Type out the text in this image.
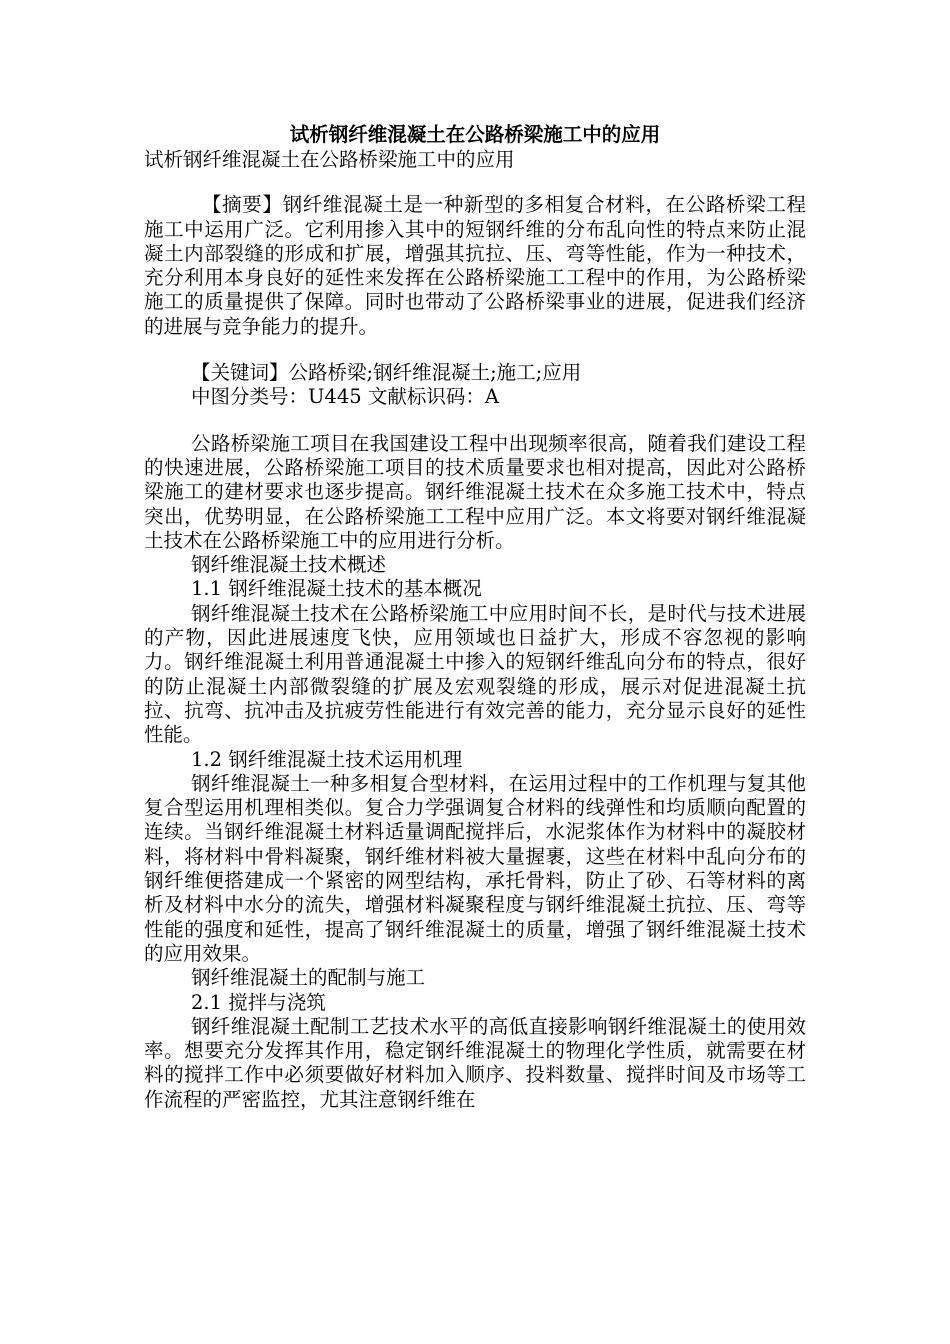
试析钢纤维混凝土在公路桥梁施工中的应用

试析钢纤维混凝土在公路桥梁施工中的应用

【摘要】钢纤维混凝土是一种新型的多相复合材料，在公路桥梁工程施工中运用广泛。它利用掺入其中的短钢纤维的分布乱向性的特点来防止混凝土内部裂缝的形成和扩展，增强其抗拉、压、弯等性能，作为一种技术，充分利用本身良好的延性来发挥在公路桥梁施工工程中的作用，为公路桥梁施工的质量提供了保障。同时也带动了公路桥梁事业的进展，促进我们经济的进展与竞争能力的提升。

【关键词】公路桥梁;钢纤维混凝土;施工;应用

中图分类号：U445 文献标识码：A

公路桥梁施工项目在我国建设工程中出现频率很高，随着我们建设工程的快速进展，公路桥梁施工项目的技术质量要求也相对提高，因此对公路桥梁施工的建材要求也逐步提高。钢纤维混凝土技术在众多施工技术中，特点突出，优势明显，在公路桥梁施工工程中应用广泛。本文将要对钢纤维混凝土技术在公路桥梁施工中的应用进行分析。

钢纤维混凝土技术概述

1.1 钢纤维混凝土技术的基本概况

钢纤维混凝土技术在公路桥梁施工中应用时间不长，是时代与技术进展的产物，因此进展速度飞快，应用领域也日益扩大，形成不容忽视的影响力。钢纤维混凝土利用普通混凝土中掺入的短钢纤维乱向分布的特点，很好的防止混凝土内部微裂缝的扩展及宏观裂缝的形成，展示对促进混凝土抗拉、抗弯、抗冲击及抗疲劳性能进行有效完善的能力，充分显示良好的延性性能。

1.2 钢纤维混凝土技术运用机理

钢纤维混凝土一种多相复合型材料，在运用过程中的工作机理与复其他复合型运用机理相类似。复合力学强调复合材料的线弹性和均质顺向配置的连续。当钢纤维混凝土材料适量调配搅拌后，水泥浆体作为材料中的凝胶材料，将材料中骨料凝聚，钢纤维材料被大量握裹，这些在材料中乱向分布的钢纤维便搭建成一个紧密的网型结构，承托骨料，防止了砂、石等材料的离析及材料中水分的流失，增强材料凝聚程度与钢纤维混凝土抗拉、压、弯等性能的强度和延性，提高了钢纤维混凝土的质量，增强了钢纤维混凝土技术的应用效果。

钢纤维混凝土的配制与施工

2.1 搅拌与浇筑

钢纤维混凝土配制工艺技术水平的高低直接影响钢纤维混凝土的使用效率。想要充分发挥其作用，稳定钢纤维混凝土的物理化学性质，就需要在材料的搅拌工作中必须要做好材料加入顺序、投料数量、搅拌时间及市场等工作流程的严密监控，尤其注意钢纤维在
